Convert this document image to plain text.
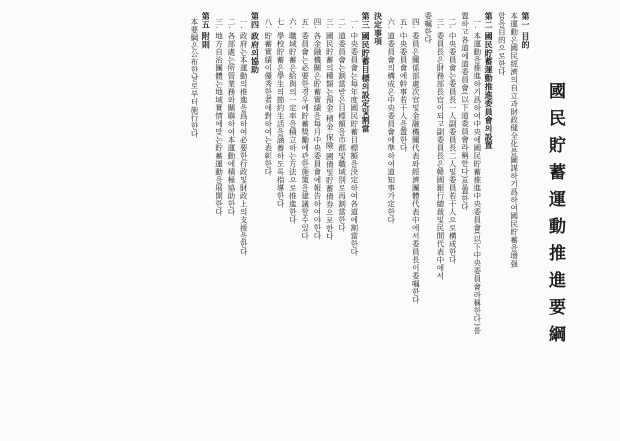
國民貯蓄運動推進要綱
第一 目的
本運動은國民經濟의自立과財政健全化를圖謀하기爲하여國民貯蓄을增强
함을目的으로한다
第二 國民貯蓄運動推進委員會의設置
一. 本運動을推進하기爲하여中央에國民貯蓄推進中央委員會(以下中央委員會라稱한다)를
置하고各道에道委員會(以下道委員會라稱한다)를置한다
二. 中央委員會는委員長一人副委員長二人및委員若干人으로構成한다
三. 委員長은財務部長官이되고副委員長은韓國銀行總裁및民間代表中에서
委嘱한다
四. 委員은關係部處次官및金融機關代表와經濟團體代表中에서委員長이委嘱한다
五. 中央委員會에幹事若干人을置한다
六. 道委員會의構成은中央委員會에準하여道知事가定한다
決定事項
第三 國民貯蓄目標의設定및割當
一. 中央委員會는每年度國民貯蓄目標額을決定하여各道에割當한다
二. 道委員會는割當받은目標額을市郡및職域別로再割當한다
三. 國民貯蓄의種類는預金·積金·保險·國債및貯蓄債券으로한다
四. 各金融機關은貯蓄實績을每月中央委員會에報告하여야한다
五. 委員會는必要한경우에貯蓄獎勵에관한施策을建議할수있다
六. 職域貯蓄은給與의一定率을積立하는方法으로推進한다
七. 學校貯蓄은學生의節約生活을涵養하도록指導한다
八. 貯蓄實績이優秀한者에對하여는表彰한다
第四 政府의協助
一. 政府는本運動의推進을爲하여必要한行政및財政上의支援을한다
二. 各部處는所管業務와關聯하여本運動에積極協助한다
三. 地方自治團體는地域實情에맞는貯蓄運動을展開한다
第五 附則
本要綱은公布한날로부터施行한다
